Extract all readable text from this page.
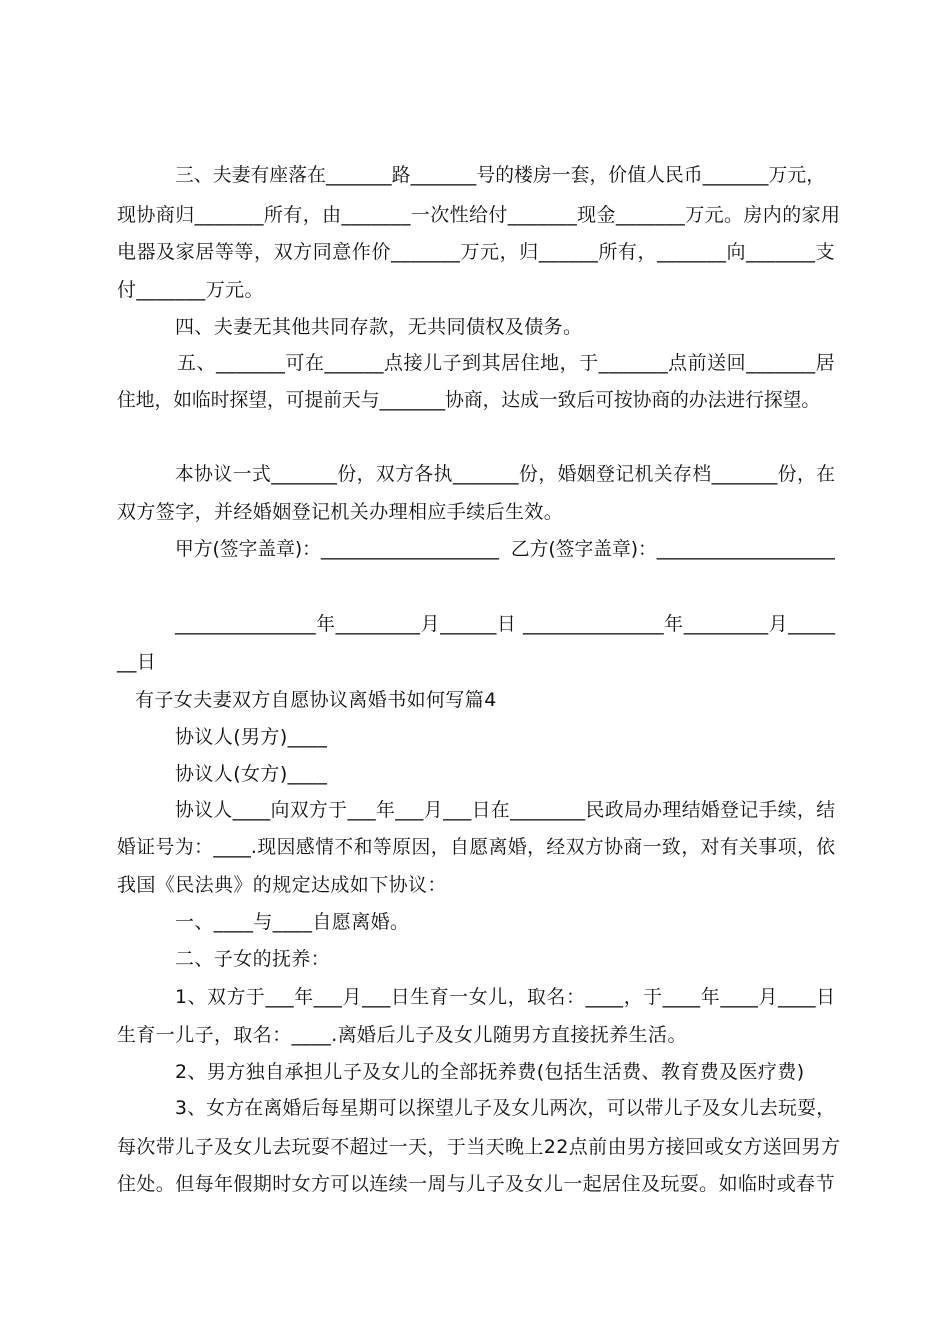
三、夫妻有座落在_______路_______号的楼房一套，价值人民币_______万元，
现协商归_______所有，由_______一次性给付_______现金_______万元。房内的家用
电器及家居等等，双方同意作价_______万元，归______所有，_______向_______支
付_______万元。
四、夫妻无其他共同存款，无共同债权及债务。
五、_______可在______点接儿子到其居住地，于_______点前送回_______居
住地，如临时探望，可提前天与_______协商，达成一致后可按协商的办法进行探望。
本协议一式_______份，双方各执_______份，婚姻登记机关存档_______份，在
双方签字，并经婚姻登记机关办理相应手续后生效。
甲方(签字盖章)：___________________  乙方(签字盖章)：___________________
_______________年_________月______日 _______________年_________月_____
__日
有子女夫妻双方自愿协议离婚书如何写篇4
协议人(男方)____
协议人(女方)____
协议人____向双方于___年___月___日在________民政局办理结婚登记手续，结
婚证号为：____.现因感情不和等原因，自愿离婚，经双方协商一致，对有关事项，依
我国《民法典》的规定达成如下协议：
一、____与____自愿离婚。
二、子女的抚养：
1、双方于___年___月___日生育一女儿，取名：____，于____年____月____日
生育一儿子，取名：____.离婚后儿子及女儿随男方直接抚养生活。
2、男方独自承担儿子及女儿的全部抚养费(包括生活费、教育费及医疗费)
3、女方在离婚后每星期可以探望儿子及女儿两次，可以带儿子及女儿去玩耍，
每次带儿子及女儿去玩耍不超过一天，于当天晚上22点前由男方接回或女方送回男方
住处。但每年假期时女方可以连续一周与儿子及女儿一起居住及玩耍。如临时或春节
